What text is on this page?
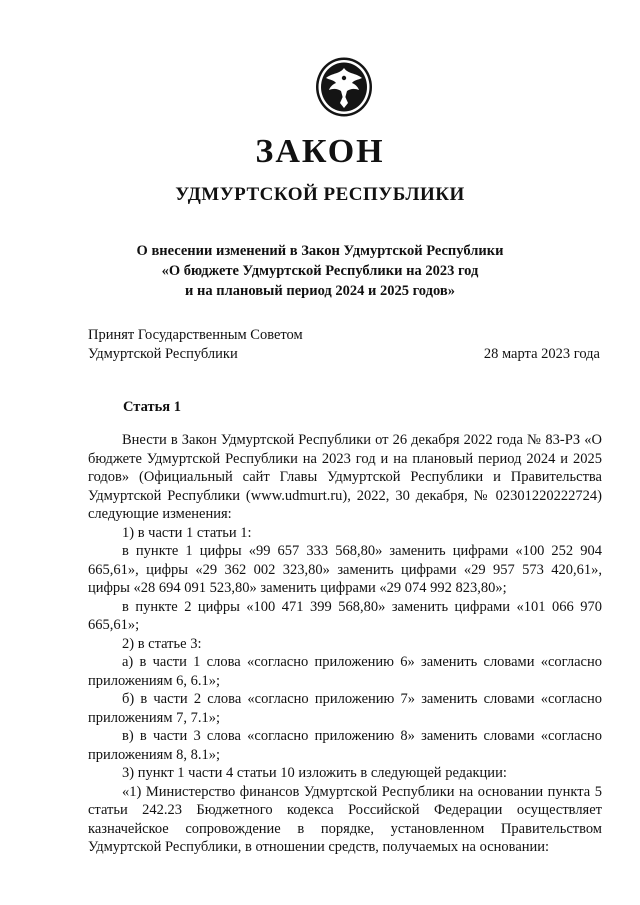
ЗАКОН
УДМУРТСКОЙ РЕСПУБЛИКИ
О внесении изменений в Закон Удмуртской Республики
«О бюджете Удмуртской Республики на 2023 год
и на плановый период 2024 и 2025 годов»
Принят Государственным Советом
Удмуртской Республики	28 марта 2023 года
Статья 1

Внести в Закон Удмуртской Республики от 26 декабря 2022 года № 83-РЗ «О бюджете Удмуртской Республики на 2023 год и на плановый период 2024 и 2025 годов» (Официальный сайт Главы Удмуртской Республики и Правительства Удмуртской Республики (www.udmurt.ru), 2022, 30 декабря, № 02301220222724) следующие изменения:

1) в части 1 статьи 1:

в пункте 1 цифры «99 657 333 568,80» заменить цифрами «100 252 904 665,61», цифры «29 362 002 323,80» заменить цифрами «29 957 573 420,61», цифры «28 694 091 523,80» заменить цифрами «29 074 992 823,80»;

в пункте 2 цифры «100 471 399 568,80» заменить цифрами «101 066 970 665,61»;

2) в статье 3:

а) в части 1 слова «согласно приложению 6» заменить словами «согласно приложениям 6, 6.1»;

б) в части 2 слова «согласно приложению 7» заменить словами «согласно приложениям 7, 7.1»;

в) в части 3 слова «согласно приложению 8» заменить словами «согласно приложениям 8, 8.1»;

3) пункт 1 части 4 статьи 10 изложить в следующей редакции:

«1) Министерство финансов Удмуртской Республики на основании пункта 5 статьи 242.23 Бюджетного кодекса Российской Федерации осуществляет казначейское сопровождение в порядке, установленном Правительством Удмуртской Республики, в отношении средств, получаемых на основании:
